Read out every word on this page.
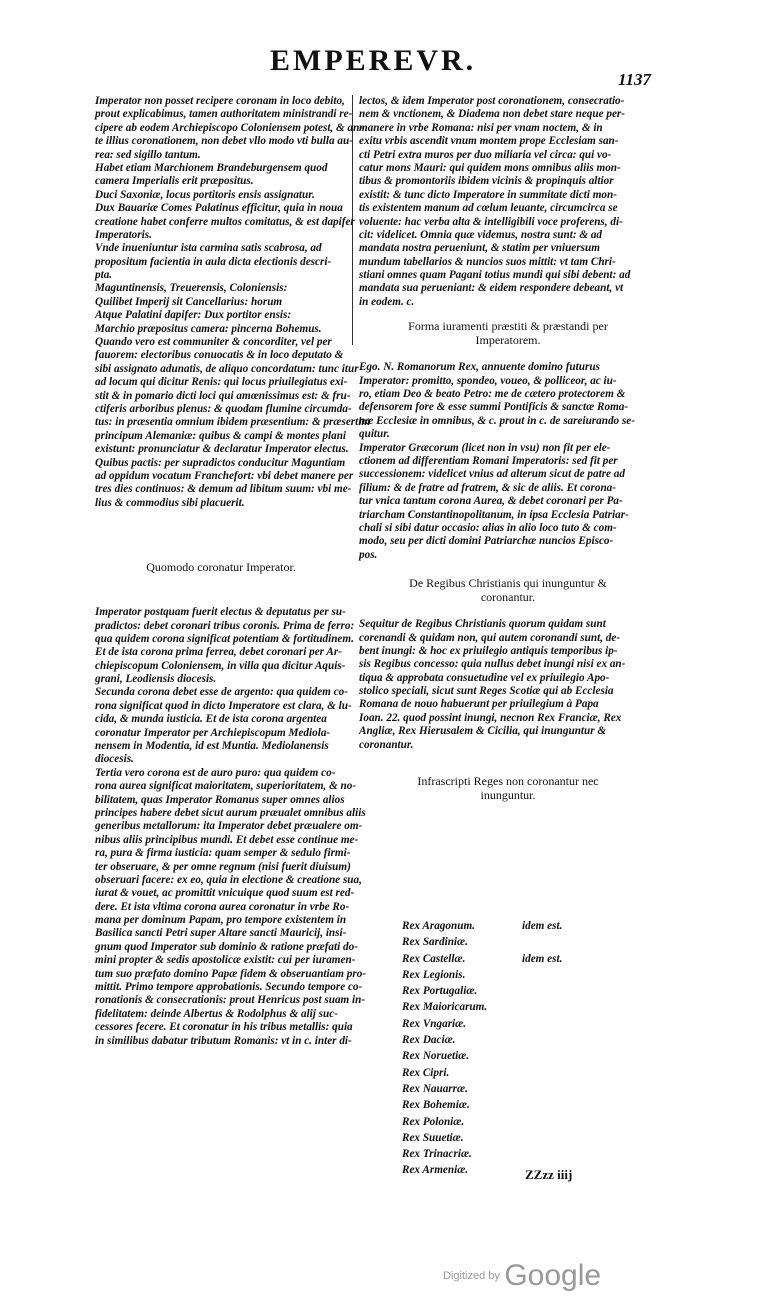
EMPEREVR.
1137
Imperator non posset recipere coronam in loco debito,
prout explicabimus, tamen authoritatem ministrandi re-
cipere ab eodem Archiepiscopo Coloniensem potest, & an-
te illius coronationem, non debet vllo modo vti bulla au-
rea: sed sigillo tantum.
Habet etiam Marchionem Brandeburgensem quod
camera Imperialis erit præpositus.
Duci Saxoniæ, locus portitoris ensis assignatur.
Dux Bauariæ Comes Palatinus efficitur, quia in noua
creatione habet conferre multos comitatus, & est dapifer
Imperatoris.
Vnde inueniuntur ista carmina satis scabrosa, ad
propositum facientia in aula dicta electionis descri-
pta.
Maguntinensis, Treuerensis, Coloniensis:
Quilibet Imperij sit Cancellarius: horum
Atque Palatini dapifer: Dux portitor ensis:
Marchio præpositus camera: pincerna Bohemus.
Quando vero est communiter & concorditer, vel per
fauorem: electoribus conuocatis & in loco deputato &
sibi assignato adunatis, de aliquo concordatum: tunc itur
ad locum qui dicitur Renis: qui locus priuilegiatus exi-
stit & in pomario dicti loci qui amœnissimus est: & fru-
ctiferis arboribus plenus: & quodam flumine circumda-
tus: in præsentia omnium ibidem præsentium: & præsertim
principum Alemaniæ: quibus & campi & montes plani
existunt: pronunciatur & declaratur Imperator electus.
Quibus pactis: per supradictos conducitur Maguntiam
ad oppidum vocatum Franchefort: vbi debet manere per
tres dies continuos: & demum ad libitum suum: vbi me-
lius & commodius sibi placuerit.
Quomodo coronatur Imperator.
Imperator postquam fuerit electus & deputatus per su-
pradictos: debet coronari tribus coronis. Prima de ferro:
qua quidem corona significat potentiam & fortitudinem.
Et de ista corona prima ferrea, debet coronari per Ar-
chiepiscopum Coloniensem, in villa qua dicitur Aquis-
grani, Leodiensis diocesis.
Secunda corona debet esse de argento: qua quidem co-
rona significat quod in dicto Imperatore est clara, & lu-
cida, & munda iusticia. Et de ista corona argentea
coronatur Imperator per Archiepiscopum Mediola-
nensem in Modentia, id est Muntia. Mediolanensis
diocesis.
Tertia vero corona est de auro puro: qua quidem co-
rona aurea significat maioritatem, superioritatem, & no-
bilitatem, quas Imperator Romanus super omnes alios
principes habere debet sicut aurum præualet omnibus aliis
generibus metallorum: ita Imperator debet præualere om-
nibus aliis principibus mundi. Et debet esse continue me-
ra, pura & firma iusticia: quam semper & sedulo firmi-
ter obseruare, & per omne regnum (nisi fuerit diuisum)
obseruari facere: ex eo, quia in electione & creatione sua,
iurat & vouet, ac promittit vnicuique quod suum est red-
dere. Et ista vltima corona aurea coronatur in vrbe Ro-
mana per dominum Papam, pro tempore existentem in
Basilica sancti Petri super Altare sancti Mauricij, insi-
gnum quod Imperator sub dominio & ratione præfati do-
mini propter & sedis apostolicæ existit: cui per iuramen-
tum suo præfato domino Papæ fidem & obseruantiam pro-
mittit. Primo tempore approbationis. Secundo tempore co-
ronationis & consecrationis: prout Henricus post suam in-
fidelitatem: deinde Albertus & Rodolphus & alij suc-
cessores fecere. Et coronatur in his tribus metallis: quia
in similibus dabatur tributum Romanis: vt in c. inter di-
lectos, & idem Imperator post coronationem, consecratio-
nem & vnctionem, & Diadema non debet stare neque per-
manere in vrbe Romana: nisi per vnam noctem, & in
exitu vrbis ascendit vnum montem prope Ecclesiam san-
cti Petri extra muros per duo miliaria vel circa: qui vo-
catur mons Mauri: qui quidem mons omnibus aliis mon-
tibus & promontoriis ibidem vicinis & propinquis altior
existit: & tunc dicto Imperatore in summitate dicti mon-
tis existentem manum ad cœlum leuante, circumcirca se
voluente: hac verba alta & intelligibili voce proferens, di-
cit: videlicet. Omnia quæ videmus, nostra sunt: & ad
mandata nostra perueniunt, & statim per vniuersum
mundum tabellarios & nuncios suos mittit: vt tam Chri-
stiani omnes quam Pagani totius mundi qui sibi debent: ad
mandata sua perueniant: & eidem respondere debeant, vt
in eodem. c.
Forma iuramenti præstiti & præstandi per
Imperatorem.
Ego. N. Romanorum Rex, annuente domino futurus
Imperator: promitto, spondeo, voueo, & polliceor, ac iu-
ro, etiam Deo & beato Petro: me de cætero protectorem &
defensorem fore & esse summi Pontificis & sanctæ Roma-
næ Ecclesiæ in omnibus, & c. prout in c. de sareiurando se-
quitur.
Imperator Græcorum (licet non in vsu) non fit per ele-
ctionem ad differentiam Romani Imperatoris: sed fit per
successionem: videlicet vnius ad alterum sicut de patre ad
filium: & de fratre ad fratrem, & sic de aliis. Et corona-
tur vnica tantum corona Aurea, & debet coronari per Pa-
triarcham Constantinopolitanum, in ipsa Ecclesia Patriar-
chali si sibi datur occasio: alias in alio loco tuto & com-
modo, seu per dicti domini Patriarchæ nuncios Episco-
pos.
De Regibus Christianis qui inunguntur &
coronantur.
Sequitur de Regibus Christianis quorum quidam sunt
corenandi & quidam non, qui autem coronandi sunt, de-
bent inungi: & hoc ex priuilegio antiquis temporibus ip-
sis Regibus concesso: quia nullus debet inungi nisi ex an-
tiqua & approbata consuetudine vel ex priuilegio Apo-
stolico speciali, sicut sunt Reges Scotiæ qui ab Ecclesia
Romana de nouo habuerunt per priuilegium à Papa
Ioan. 22. quod possint inungi, necnon Rex Franciæ, Rex
Angliæ, Rex Hierusalem & Cicilia, qui inunguntur &
coronantur.
Infrascripti Reges non coronantur nec
inunguntur.
Rex Aragonum.	idem est.
Rex Sardiniæ.
Rex Castellæ.	idem est.
Rex Legionis.
Rex Portugaliæ.
Rex Maioricarum.
Rex Vngariæ.
Rex Daciæ.
Rex Noruetiæ.
Rex Cipri.
Rex Nauarræ.
Rex Bohemiæ.
Rex Poloniæ.
Rex Suuetiæ.
Rex Trinacriæ.
Rex Armeniæ.	ZZzz iiij
Digitized by Google
